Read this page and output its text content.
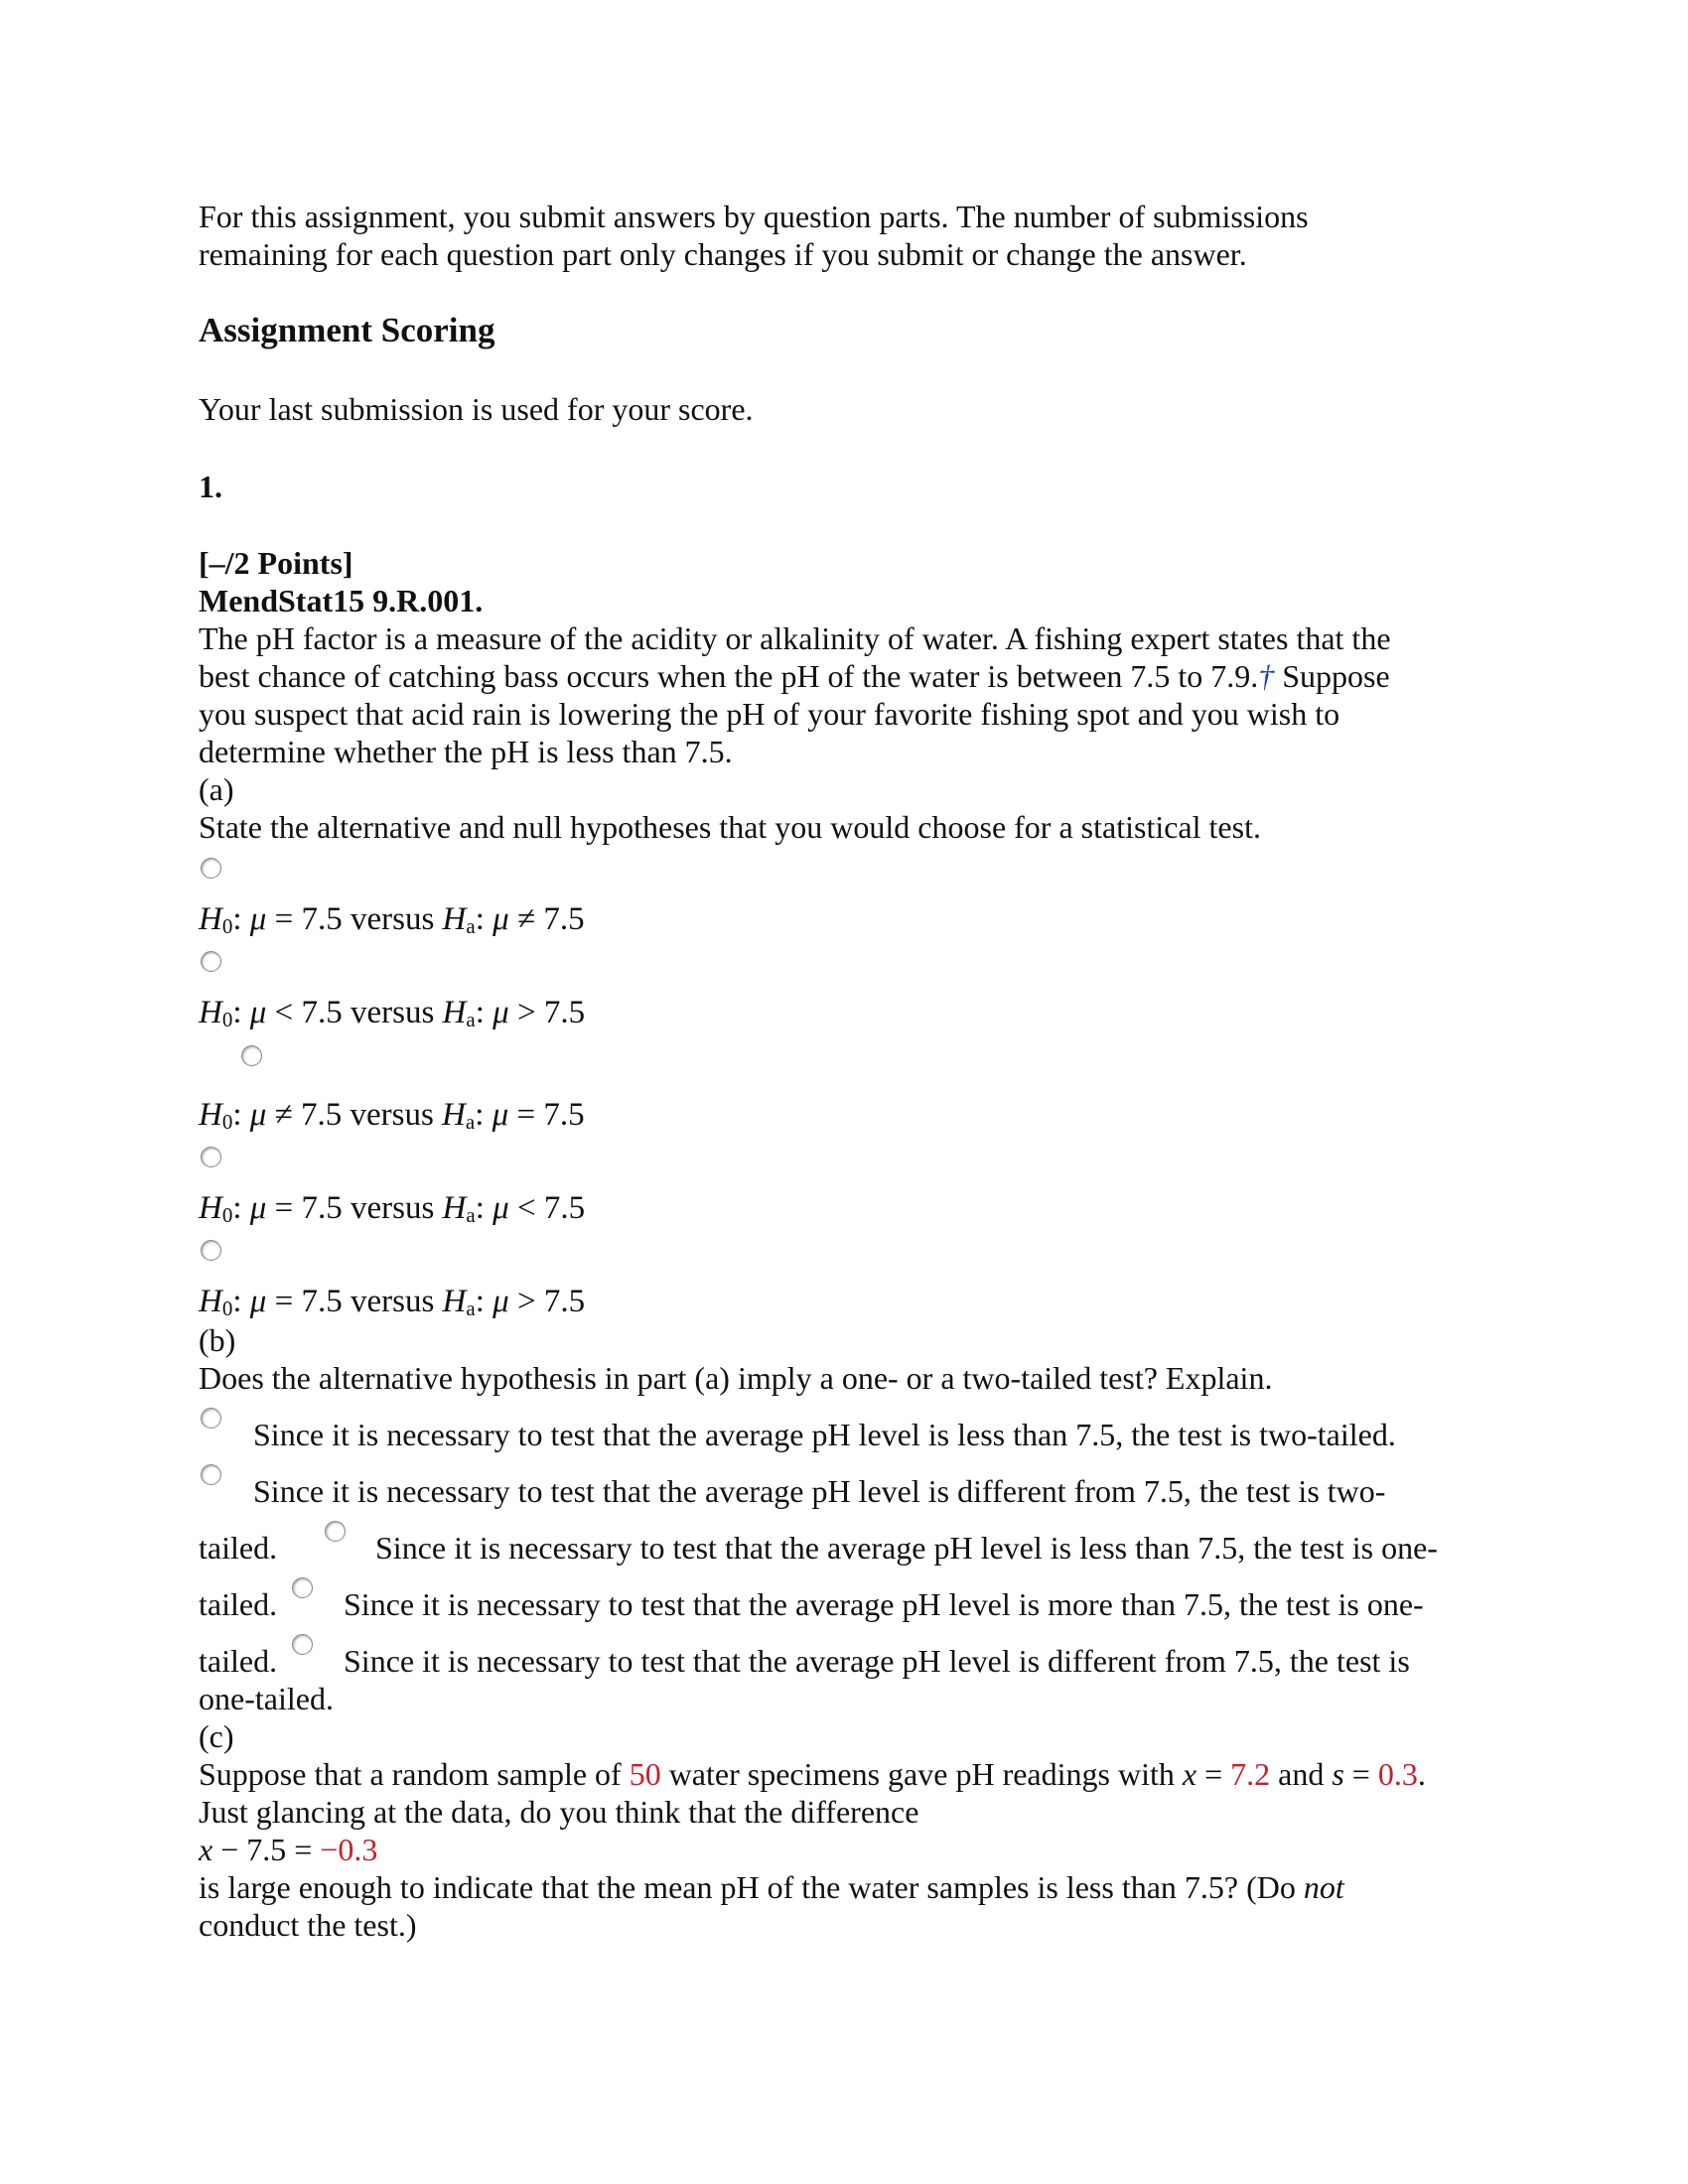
For this assignment, you submit answers by question parts. The number of submissions
remaining for each question part only changes if you submit or change the answer.
Assignment Scoring
Your last submission is used for your score.
1.
[–/2 Points]
MendStat15 9.R.001.
The pH factor is a measure of the acidity or alkalinity of water. A fishing expert states that the
best chance of catching bass occurs when the pH of the water is between 7.5 to 7.9.† Suppose
you suspect that acid rain is lowering the pH of your favorite fishing spot and you wish to
determine whether the pH is less than 7.5.
(a)
State the alternative and null hypotheses that you would choose for a statistical test.
H0: μ = 7.5 versus Ha: μ ≠ 7.5
H0: μ < 7.5 versus Ha: μ > 7.5
H0: μ ≠ 7.5 versus Ha: μ = 7.5
H0: μ = 7.5 versus Ha: μ < 7.5
H0: μ = 7.5 versus Ha: μ > 7.5
(b)
Does the alternative hypothesis in part (a) imply a one- or a two-tailed test? Explain.
Since it is necessary to test that the average pH level is less than 7.5, the test is two-tailed.
Since it is necessary to test that the average pH level is different from 7.5, the test is two-
tailed.	Since it is necessary to test that the average pH level is less than 7.5, the test is one-
tailed. Since it is necessary to test that the average pH level is more than 7.5, the test is one-
tailed. Since it is necessary to test that the average pH level is different from 7.5, the test is
one-tailed.
(c)
Suppose that a random sample of 50 water specimens gave pH readings with x = 7.2 and s = 0.3.
Just glancing at the data, do you think that the difference
x − 7.5 = −0.3
is large enough to indicate that the mean pH of the water samples is less than 7.5? (Do not
conduct the test.)
